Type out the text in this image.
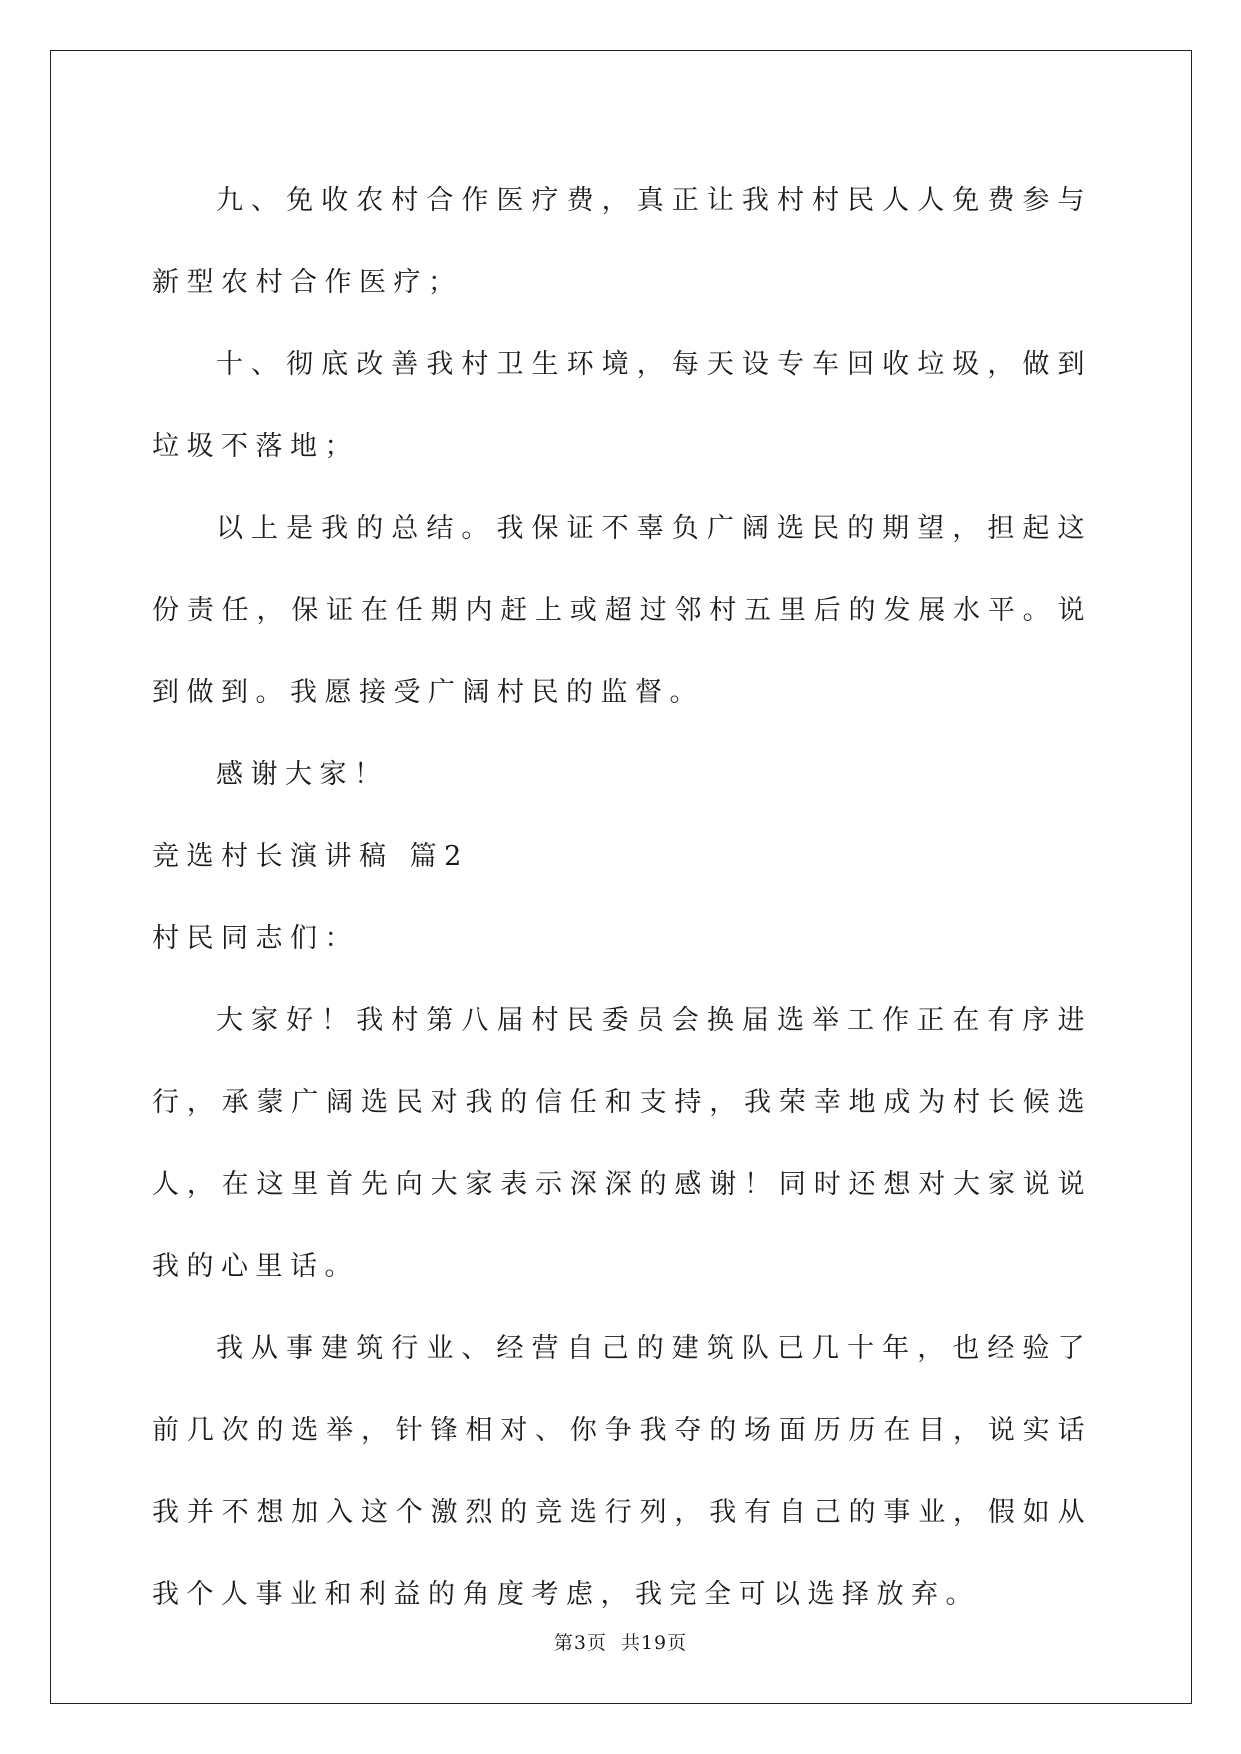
九、免收农村合作医疗费，真正让我村村民人人免费参与新型农村合作医疗；

十、彻底改善我村卫生环境，每天设专车回收垃圾，做到垃圾不落地；

以上是我的总结。我保证不辜负广阔选民的期望，担起这份责任，保证在任期内赶上或超过邻村五里后的发展水平。说到做到。我愿接受广阔村民的监督。

感谢大家！

竞选村长演讲稿 篇2

村民同志们：

大家好！我村第八届村民委员会换届选举工作正在有序进行，承蒙广阔选民对我的信任和支持，我荣幸地成为村长候选人，在这里首先向大家表示深深的感谢！同时还想对大家说说我的心里话。

我从事建筑行业、经营自己的建筑队已几十年，也经验了前几次的选举，针锋相对、你争我夺的场面历历在目，说实话我并不想加入这个激烈的竞选行列，我有自己的事业，假如从我个人事业和利益的角度考虑，我完全可以选择放弃。

第3页 共19页
